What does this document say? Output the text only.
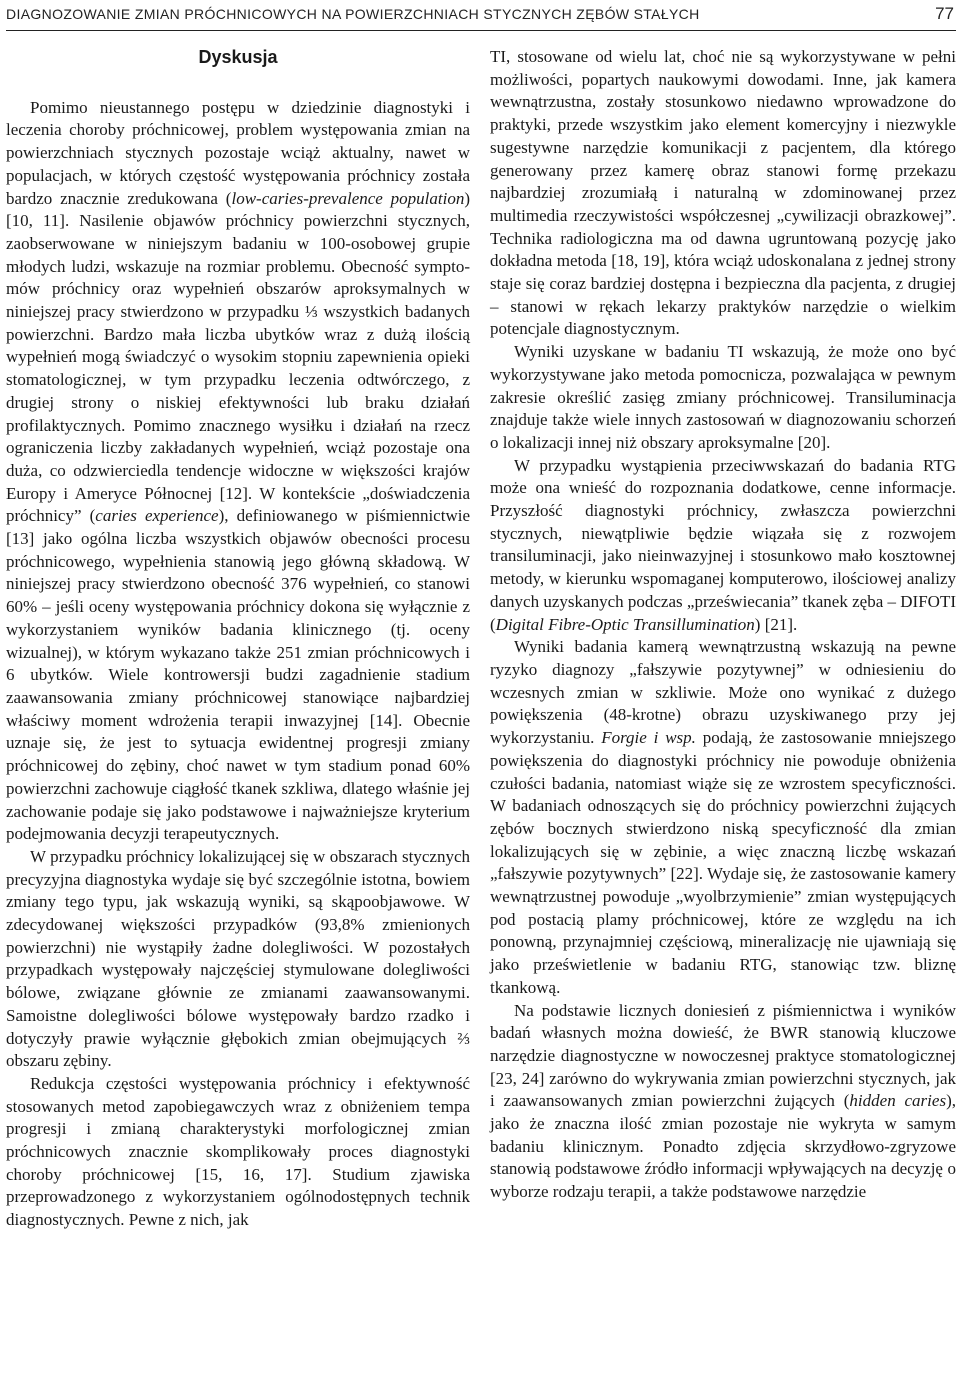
DIAGNOZOWANIE ZMIAN PRÓCHNICOWYCH NA POWIERZCHNIACH STYCZNYCH ZĘBÓW STAŁYCH	77
Dyskusja

Pomimo nieustannego postępu w dziedzinie diagnostyki i leczenia choroby próchnicowej, problem występowania zmian na powierzchniach stycznych pozostaje wciąż aktualny, nawet w populacjach, w których częstość występowania próchnicy została bardzo znacznie zredukowana (low-caries-prevalence population) [10, 11]. Nasilenie objawów próchnicy powierzchni stycznych, zaobserwowane w niniejszym badaniu w 100-osobowej grupie młodych ludzi, wskazuje na rozmiar problemu. Obecność symptomów próchnicy oraz wypełnień obszarów aproksymalnych w niniejszej pracy stwierdzono w przypadku ⅓ wszystkich badanych powierzchni. Bardzo mała liczba ubytków wraz z dużą ilością wypełnień mogą świadczyć o wysokim stopniu zapewnienia opieki stomatologicznej, w tym przypadku leczenia odtwórczego, z drugiej strony o niskiej efektywności lub braku działań profilaktycznych. Pomimo znacznego wysiłku i działań na rzecz ograniczenia liczby zakładanych wypełnień, wciąż pozostaje ona duża, co odzwierciedla tendencje widoczne w większości krajów Europy i Ameryce Północnej [12]. W kontekście „doświadczenia próchnicy” (caries experience), definiowanego w piśmiennictwie [13] jako ogólna liczba wszystkich objawów obecności procesu próchnicowego, wypełnienia stanowią jego główną składową. W niniejszej pracy stwierdzono obecność 376 wypełnień, co stanowi 60% – jeśli oceny występowania próchnicy dokona się wyłącznie z wykorzystaniem wyników badania klinicznego (tj. oceny wizualnej), w którym wykazano także 251 zmian próchnicowych i 6 ubytków. Wiele kontrowersji budzi zagadnienie stadium zaawansowania zmiany próchnicowej stanowiące najbardziej właściwy moment wdrożenia terapii inwazyjnej [14]. Obecnie uznaje się, że jest to sytuacja ewidentnej progresji zmiany próchnicowej do zębiny, choć nawet w tym stadium ponad 60% powierzchni zachowuje ciągłość tkanek szkliwa, dlatego właśnie jej zachowanie podaje się jako podstawowe i najważniejsze kryterium podejmowania decyzji terapeutycznych.

W przypadku próchnicy lokalizującej się w obszarach stycznych precyzyjna diagnostyka wydaje się być szczególnie istotna, bowiem zmiany tego typu, jak wskazują wyniki, są skąpoobjawowe. W zdecydowanej większości przypadków (93,8% zmienionych powierzchni) nie wystąpiły żadne dolegliwości. W pozostałych przypadkach występowały najczęściej stymulowane dolegliwości bólowe, związane głównie ze zmianami zaawansowanymi. Samoistne dolegliwości bólowe występowały bardzo rzadko i dotyczyły prawie wyłącznie głębokich zmian obejmujących ⅔ obszaru zębiny.

Redukcja częstości występowania próchnicy i efektywność stosowanych metod zapobiegawczych wraz z obniżeniem tempa progresji i zmianą charakterystyki morfologicznej zmian próchnicowych znacznie skomplikowały proces diagnostyki choroby próchnicowej [15, 16, 17]. Studium zjawiska przeprowadzonego z wykorzystaniem ogólnodostępnych technik diagnostycznych. Pewne z nich, jak

TI, stosowane od wielu lat, choć nie są wykorzystywane w pełni możliwości, popartych naukowymi dowodami. Inne, jak kamera wewnątrzustna, zostały stosunkowo niedawno wprowadzone do praktyki, przede wszystkim jako element komercyjny i niezwykle sugestywne narzędzie komunikacji z pacjentem, dla którego generowany przez kamerę obraz stanowi formę przekazu najbardziej zrozumiałą i naturalną w zdominowanej przez multimedia rzeczywistości współczesnej „cywilizacji obrazkowej”. Technika radiologiczna ma od dawna ugruntowaną pozycję jako dokładna metoda [18, 19], która wciąż udoskonalana z jednej strony staje się coraz bardziej dostępna i bezpieczna dla pacjenta, z drugiej – stanowi w rękach lekarzy praktyków narzędzie o wielkim potencjale diagnostycznym.

Wyniki uzyskane w badaniu TI wskazują, że może ono być wykorzystywane jako metoda pomocnicza, pozwalająca w pewnym zakresie określić zasięg zmiany próchnicowej. Transiluminacja znajduje także wiele innych zastosowań w diagnozowaniu schorzeń o lokalizacji innej niż obszary aproksymalne [20].

W przypadku wystąpienia przeciwwskazań do badania RTG może ona wnieść do rozpoznania dodatkowe, cenne informacje. Przyszłość diagnostyki próchnicy, zwłaszcza powierzchni stycznych, niewątpliwie będzie wiązała się z rozwojem transiluminacji, jako nieinwazyjnej i stosunkowo mało kosztownej metody, w kierunku wspomaganej komputerowo, ilościowej analizy danych uzyskanych podczas „przeświecania” tkanek zęba – DIFOTI (Digital Fibre-Optic Transillumination) [21].

Wyniki badania kamerą wewnątrzustną wskazują na pewne ryzyko diagnozy „fałszywie pozytywnej” w odniesieniu do wczesnych zmian w szkliwie. Może ono wynikać z dużego powiększenia (48-krotne) obrazu uzyskiwanego przy jej wykorzystaniu. Forgie i wsp. podają, że zastosowanie mniejszego powiększenia do diagnostyki próchnicy nie powoduje obniżenia czułości badania, natomiast wiąże się ze wzrostem specyficzności. W badaniach odnoszących się do próchnicy powierzchni żujących zębów bocznych stwierdzono niską specyficzność dla zmian lokalizujących się w zębinie, a więc znaczną liczbę wskazań „fałszywie pozytywnych” [22]. Wydaje się, że zastosowanie kamery wewnątrzustnej powoduje „wyolbrzymienie” zmian występujących pod postacią plamy próchnicowej, które ze względu na ich ponowną, przynajmniej częściową, mineralizację nie ujawniają się jako prześwietlenie w badaniu RTG, stanowiąc tzw. bliznę tkankową.

Na podstawie licznych doniesień z piśmiennictwa i wyników badań własnych można dowieść, że BWR stanowią kluczowe narzędzie diagnostyczne w nowoczesnej praktyce stomatologicznej [23, 24] zarówno do wykrywania zmian powierzchni stycznych, jak i zaawansowanych zmian powierzchni żujących (hidden caries), jako że znaczna ilość zmian pozostaje nie wykryta w samym badaniu klinicznym. Ponadto zdjęcia skrzydłowo-zgryzowe stanowią podstawowe źródło informacji wpływających na decyzję o wyborze rodzaju terapii, a także podstawowe narzędzie
